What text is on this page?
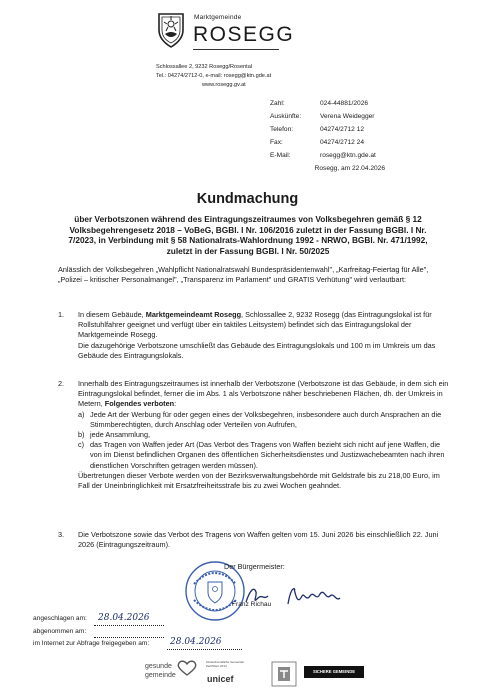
Marktgemeinde
ROSEGG
Schlossallee 2, 9232 Rosegg/Rosental
Tel.: 04274/2712-0, e-mail: rosegg@ktn.gde.at
www.rosegg.gv.at
Zahl:	024-44881/2026
Auskünfte:	Verena Weidegger
Telefon:	04274/2712 12
Fax:	04274/2712 24
E-Mail:	rosegg@ktn.gde.at
Rosegg, am 22.04.2026
Kundmachung
über Verbotszonen während des Eintragungszeitraumes von Volksbegehren gemäß § 12 Volksbegehrengesetz 2018 – VoBeG, BGBl. I Nr. 106/2016 zuletzt in der Fassung BGBl. I Nr. 7/2023, in Verbindung mit § 58 Nationalrats-Wahlordnung 1992 - NRWO, BGBl. Nr. 471/1992, zuletzt in der Fassung BGBl. I Nr. 50/2025
Anlässlich der Volksbegehren „Wahlpflicht Nationalratswahl Bundespräsidentenwahl", „Karfreitag-Feiertag für Alle", „Polizei – kritischer Personalmangel", „Transparenz im Parlament" und GRATIS Verhütung" wird verlautbart:
1. In diesem Gebäude, Marktgemeindeamt Rosegg, Schlossallee 2, 9232 Rosegg (das Eintragungslokal ist für Rollstuhlfahrer geeignet und verfügt über ein taktiles Leitsystem) befindet sich das Eintragungslokal der Marktgemeinde Rosegg.
Die dazugehörige Verbotszone umschließt das Gebäude des Eintragungslokals und 100 m im Umkreis um das Gebäude des Eintragungslokals.
2. Innerhalb des Eintragungszeitraumes ist innerhalb der Verbotszone (Verbotszone ist das Gebäude, in dem sich ein Eintragungslokal befindet, ferner die im Abs. 1 als Verbotszone näher beschriebenen Flächen, dh. der Umkreis in Metern, Folgendes verboten:
a) Jede Art der Werbung für oder gegen eines der Volksbegehren, insbesondere auch durch Ansprachen an die Stimmberechtigten, durch Anschlag oder Verteilen von Aufrufen,
b) jede Ansammlung,
c) das Tragen von Waffen jeder Art (Das Verbot des Tragens von Waffen bezieht sich nicht auf jene Waffen, die von im Dienst befindlichen Organen des öffentlichen Sicherheitsdienstes und Justizwachebeamten nach ihren dienstlichen Vorschriften getragen werden müssen).
Übertretungen dieser Verbote werden von der Bezirksverwaltungsbehörde mit Geldstrafe bis zu 218,00 Euro, im Fall der Uneinbringlichkeit mit Ersatzfreiheitsstrafe bis zu zwei Wochen geahndet.
3. Die Verbotszone sowie das Verbot des Tragens von Waffen gelten vom 15. Juni 2026 bis einschließlich 22. Juni 2026 (Eintragungszeitraum).
Der Bürgermeister:
Franz Richau
angeschlagen am: 28.04.2026
abgenommen am:
im Internet zur Abfrage freigegeben am: 28.04.2026
gesunde
gemeinde
Kinderfreundliche Gemeinde Zertifiziert 2014
unicef
SICHERE GEMEINDE
